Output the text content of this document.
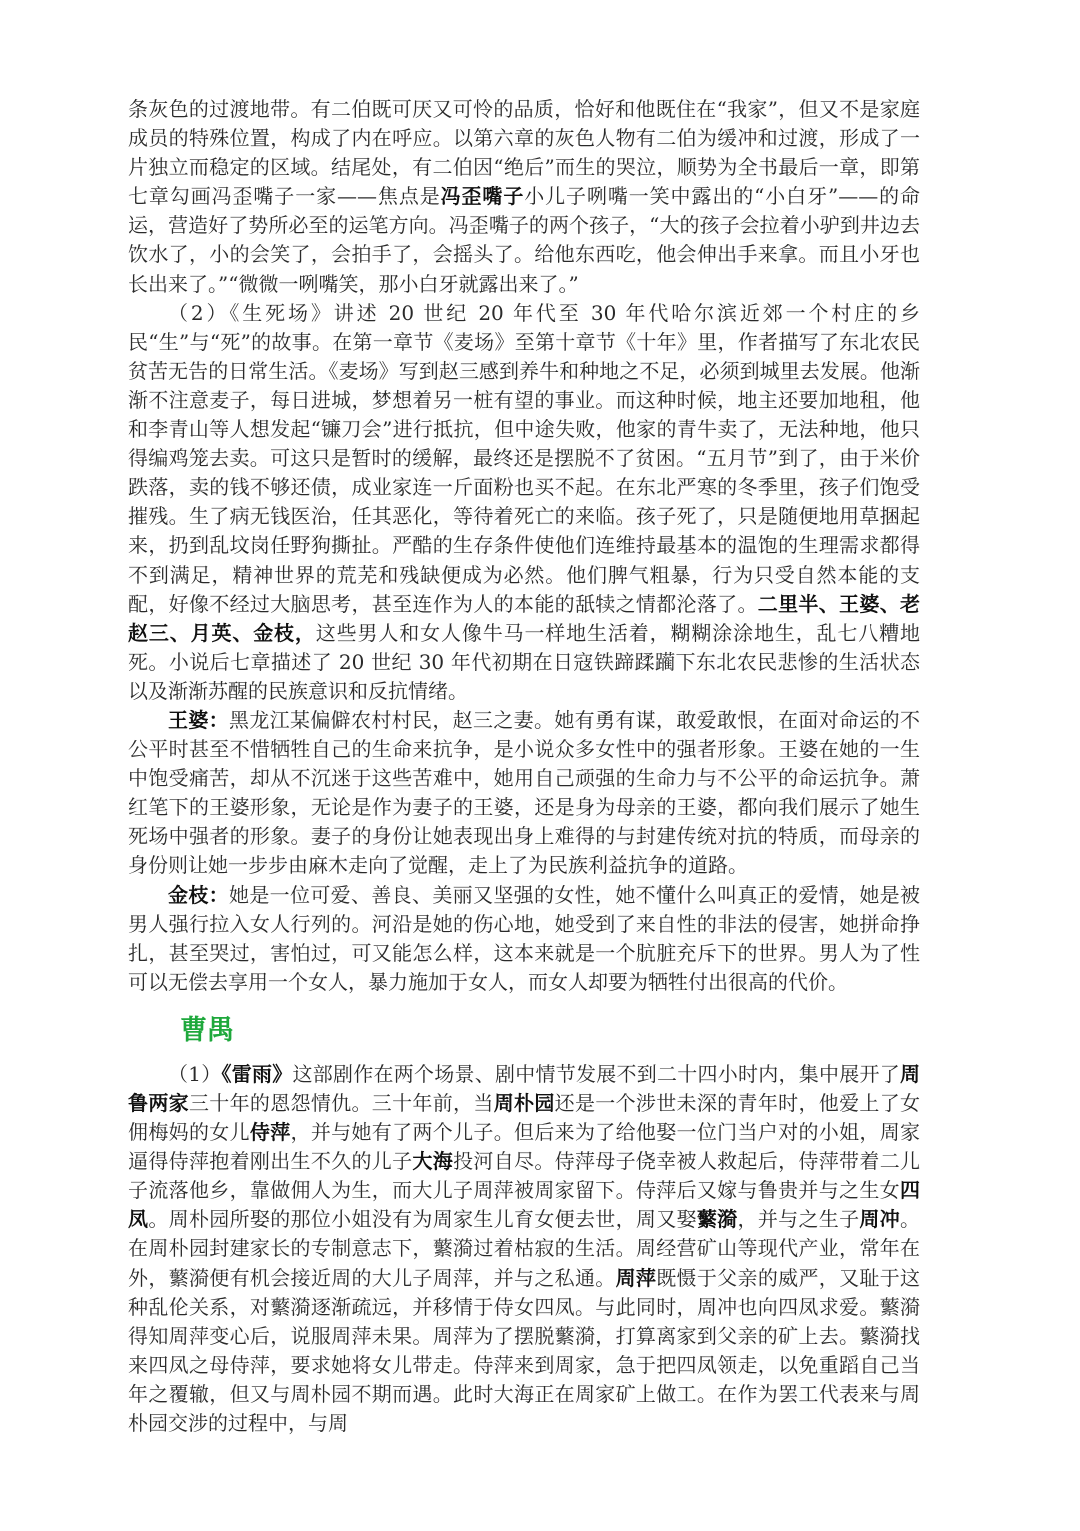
条灰色的过渡地带。有二伯既可厌又可怜的品质，恰好和他既住在“我家”，但又不是家庭成员的特殊位置，构成了内在呼应。以第六章的灰色人物有二伯为缓冲和过渡，形成了一片独立而稳定的区域。结尾处，有二伯因“绝后”而生的哭泣，顺势为全书最后一章，即第七章勾画冯歪嘴子一家——焦点是冯歪嘴子小儿子咧嘴一笑中露出的“小白牙”——的命运，营造好了势所必至的运笔方向。冯歪嘴子的两个孩子，“大的孩子会拉着小驴到井边去饮水了，小的会笑了，会拍手了，会摇头了。给他东西吃，他会伸出手来拿。而且小牙也长出来了。”“微微一咧嘴笑，那小白牙就露出来了。”

（2）《生死场》讲述 20 世纪 20 年代至 30 年代哈尔滨近郊一个村庄的乡民“生”与“死”的故事。在第一章节《麦场》至第十章节《十年》里，作者描写了东北农民贫苦无告的日常生活。《麦场》写到赵三感到养牛和种地之不足，必须到城里去发展。他渐渐不注意麦子，每日进城，梦想着另一桩有望的事业。而这种时候，地主还要加地租，他和李青山等人想发起“镰刀会”进行抵抗，但中途失败，他家的青牛卖了，无法种地，他只得编鸡笼去卖。可这只是暂时的缓解，最终还是摆脱不了贫困。“五月节”到了，由于米价跌落，卖的钱不够还债，成业家连一斤面粉也买不起。在东北严寒的冬季里，孩子们饱受摧残。生了病无钱医治，任其恶化，等待着死亡的来临。孩子死了，只是随便地用草捆起来，扔到乱坟岗任野狗撕扯。严酷的生存条件使他们连维持最基本的温饱的生理需求都得不到满足，精神世界的荒芜和残缺便成为必然。他们脾气粗暴，行为只受自然本能的支配，好像不经过大脑思考，甚至连作为人的本能的舐犊之情都沦落了。二里半、王婆、老赵三、月英、金枝，这些男人和女人像牛马一样地生活着，糊糊涂涂地生，乱七八糟地死。小说后七章描述了 20 世纪 30 年代初期在日寇铁蹄蹂躏下东北农民悲惨的生活状态以及渐渐苏醒的民族意识和反抗情绪。

王婆：黑龙江某偏僻农村村民，赵三之妻。她有勇有谋，敢爱敢恨，在面对命运的不公平时甚至不惜牺牲自己的生命来抗争，是小说众多女性中的强者形象。王婆在她的一生中饱受痛苦，却从不沉迷于这些苦难中，她用自己顽强的生命力与不公平的命运抗争。萧红笔下的王婆形象，无论是作为妻子的王婆，还是身为母亲的王婆，都向我们展示了她生死场中强者的形象。妻子的身份让她表现出身上难得的与封建传统对抗的特质，而母亲的身份则让她一步步由麻木走向了觉醒，走上了为民族利益抗争的道路。

金枝：她是一位可爱、善良、美丽又坚强的女性，她不懂什么叫真正的爱情，她是被男人强行拉入女人行列的。河沿是她的伤心地，她受到了来自性的非法的侵害，她拼命挣扎，甚至哭过，害怕过，可又能怎么样，这本来就是一个肮脏充斥下的世界。男人为了性可以无偿去享用一个女人，暴力施加于女人，而女人却要为牺牲付出很高的代价。

曹禺

（1）《雷雨》这部剧作在两个场景、剧中情节发展不到二十四小时内，集中展开了周鲁两家三十年的恩怨情仇。三十年前，当周朴园还是一个涉世未深的青年时，他爱上了女佣梅妈的女儿侍萍，并与她有了两个儿子。但后来为了给他娶一位门当户对的小姐，周家逼得侍萍抱着刚出生不久的儿子大海投河自尽。侍萍母子侥幸被人救起后，侍萍带着二儿子流落他乡，靠做佣人为生，而大儿子周萍被周家留下。侍萍后又嫁与鲁贵并与之生女四凤。周朴园所娶的那位小姐没有为周家生儿育女便去世，周又娶蘩漪，并与之生子周冲。在周朴园封建家长的专制意志下，蘩漪过着枯寂的生活。周经营矿山等现代产业，常年在外，蘩漪便有机会接近周的大儿子周萍，并与之私通。周萍既慑于父亲的威严，又耻于这种乱伦关系，对蘩漪逐渐疏远，并移情于侍女四凤。与此同时，周冲也向四凤求爱。蘩漪得知周萍变心后，说服周萍未果。周萍为了摆脱蘩漪，打算离家到父亲的矿上去。蘩漪找来四凤之母侍萍，要求她将女儿带走。侍萍来到周家，急于把四凤领走，以免重蹈自己当年之覆辙，但又与周朴园不期而遇。此时大海正在周家矿上做工。在作为罢工代表来与周朴园交涉的过程中，与周
